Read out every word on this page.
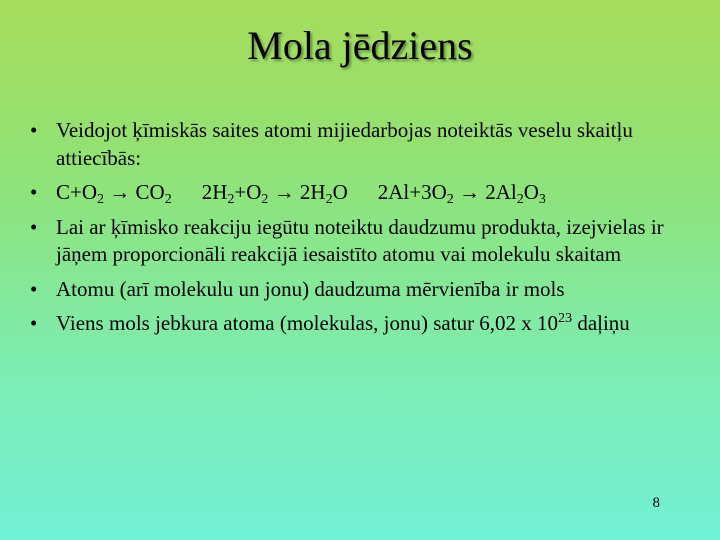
Mola jēdziens
• Veidojot ķīmiskās saites atomi mijiedarbojas noteiktās veselu skaitļu attiecībās:
• $C+O_2 \to CO_2$ $2H_2+O_2 \to 2H_2O$ $2Al+3O_2 \to 2Al_2O_3$
• Lai ar ķīmisko reakciju iegūtu noteiktu daudzumu produkta, izejvielas ir jāņem proporcionāli reakcijā iesaistīto atomu vai molekulu skaitam
• Atomu (arī molekulu un jonu) daudzuma mērvienība ir mols
• Viens mols jebkura atoma (molekulas, jonu) satur 6,02 x $10^{23}$ daļiņu
8
